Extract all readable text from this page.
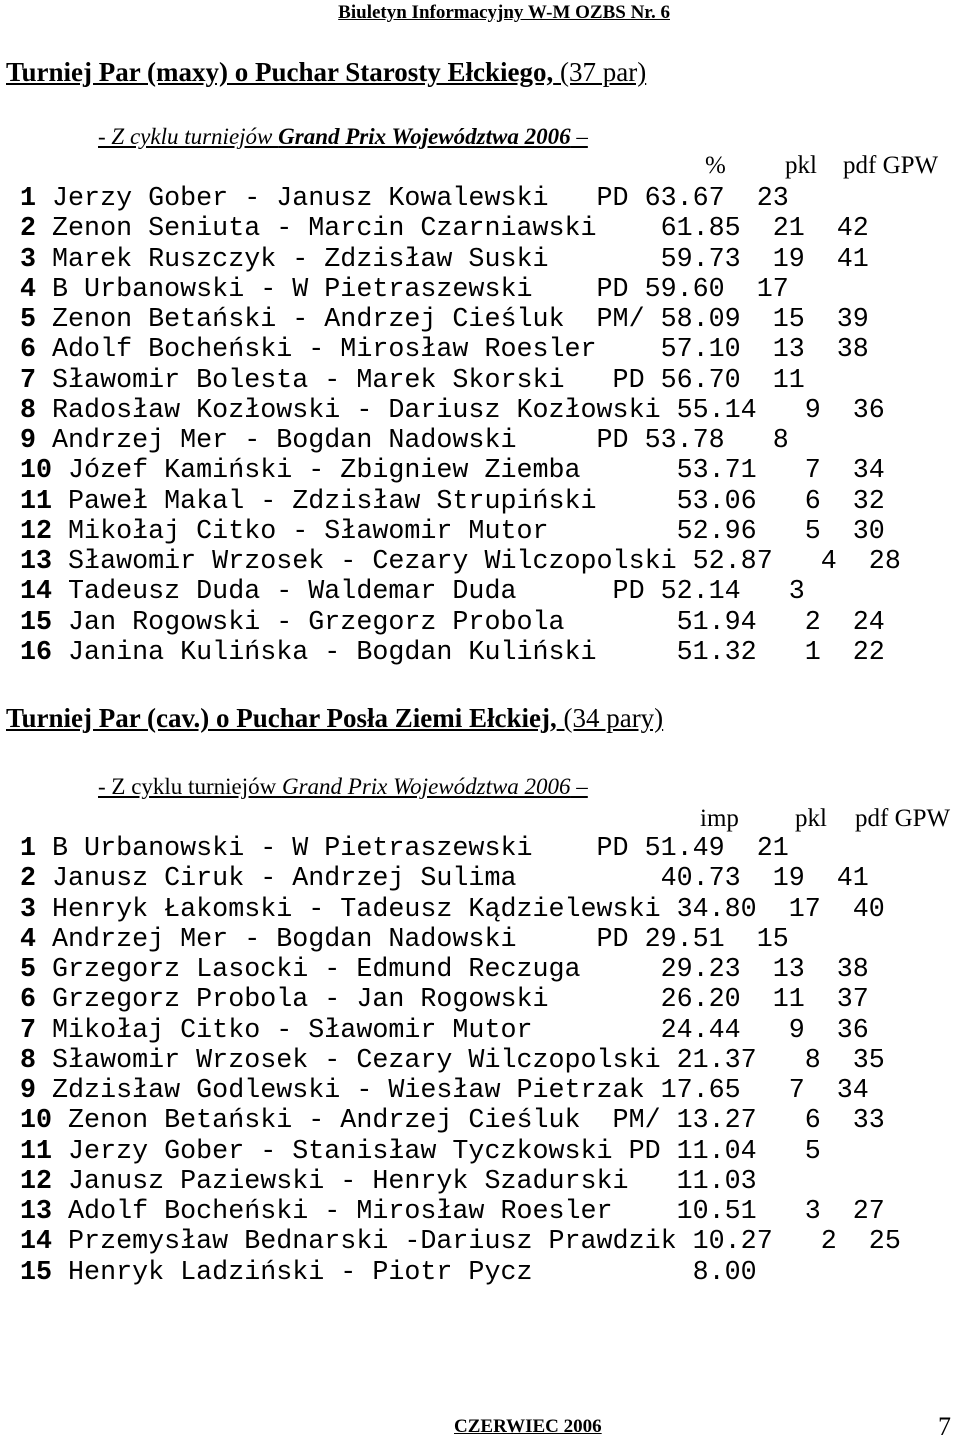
Biuletyn Informacyjny W-M OZBS Nr. 6
Turniej Par (maxy) o Puchar Starosty Ełckiego, (37 par)
- Z cyklu turniejów Grand Prix Województwa 2006 –
% pkl pdf GPW
1 Jerzy Gober - Janusz Kowalewski   PD 63.67  23
2 Zenon Seniuta - Marcin Czarniawski    61.85  21  42
3 Marek Ruszczyk - Zdzisław Suski       59.73  19  41
4 B Urbanowski - W Pietraszewski    PD 59.60  17
5 Zenon Betański - Andrzej Cieśluk  PM/ 58.09  15  39
6 Adolf Bocheński - Mirosław Roesler    57.10  13  38
7 Sławomir Bolesta - Marek Skorski   PD 56.70  11
8 Radosław Kozłowski - Dariusz Kozłowski 55.14   9  36
9 Andrzej Mer - Bogdan Nadowski     PD 53.78   8
10 Józef Kamiński - Zbigniew Ziemba      53.71   7  34
11 Paweł Makal - Zdzisław Strupiński     53.06   6  32
12 Mikołaj Citko - Sławomir Mutor        52.96   5  30
13 Sławomir Wrzosek - Cezary Wilczopolski 52.87   4  28
14 Tadeusz Duda - Waldemar Duda      PD 52.14   3
15 Jan Rogowski - Grzegorz Probola       51.94   2  24
16 Janina Kulińska - Bogdan Kuliński     51.32   1  22
Turniej Par (cav.) o Puchar Posła Ziemi Ełckiej, (34 pary)
- Z cyklu turniejów Grand Prix Województwa 2006 –
imp pkl pdf GPW
1 B Urbanowski - W Pietraszewski    PD 51.49  21
2 Janusz Ciruk - Andrzej Sulima         40.73  19  41
3 Henryk Łakomski - Tadeusz Kądzielewski 34.80  17  40
4 Andrzej Mer - Bogdan Nadowski     PD 29.51  15
5 Grzegorz Lasocki - Edmund Reczuga     29.23  13  38
6 Grzegorz Probola - Jan Rogowski       26.20  11  37
7 Mikołaj Citko - Sławomir Mutor        24.44   9  36
8 Sławomir Wrzosek - Cezary Wilczopolski 21.37   8  35
9 Zdzisław Godlewski - Wiesław Pietrzak 17.65   7  34
10 Zenon Betański - Andrzej Cieśluk  PM/ 13.27   6  33
11 Jerzy Gober - Stanisław Tyczkowski PD 11.04   5
12 Janusz Paziewski - Henryk Szadurski   11.03
13 Adolf Bocheński - Mirosław Roesler    10.51   3  27
14 Przemysław Bednarski -Dariusz Prawdzik 10.27   2  25
15 Henryk Ladziński - Piotr Pycz          8.00
CZERWIEC 2006	7
